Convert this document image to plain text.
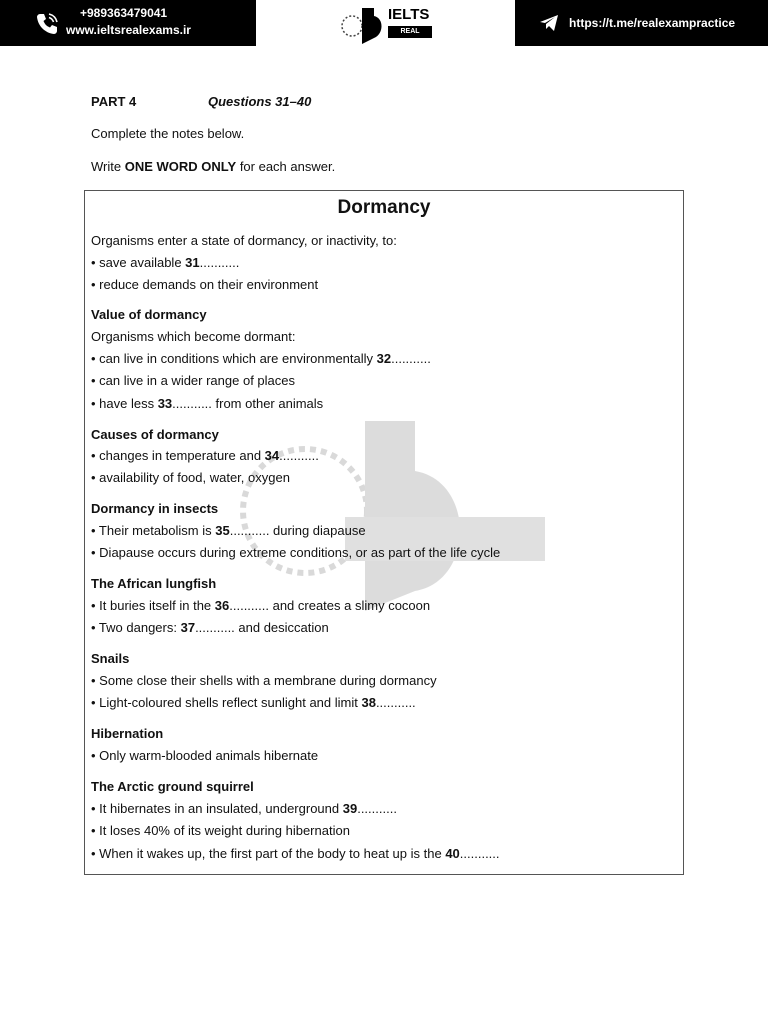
+989363479041
www.ieltsrealexams.ir
IELTS
REAL EXAMS
https://t.me/realexampractice
PART 4	Questions 31–40
Complete the notes below.
Write ONE WORD ONLY for each answer.
Dormancy
Organisms enter a state of dormancy, or inactivity, to:
• save available 31...........
• reduce demands on their environment
Value of dormancy
Organisms which become dormant:
• can live in conditions which are environmentally 32...........
• can live in a wider range of places
• have less 33........... from other animals
Causes of dormancy
• changes in temperature and 34...........
• availability of food, water, oxygen
Dormancy in insects
• Their metabolism is 35........... during diapause
• Diapause occurs during extreme conditions, or as part of the life cycle
The African lungfish
• It buries itself in the 36........... and creates a slimy cocoon
• Two dangers: 37........... and desiccation
Snails
• Some close their shells with a membrane during dormancy
• Light-coloured shells reflect sunlight and limit 38...........
Hibernation
• Only warm-blooded animals hibernate
The Arctic ground squirrel
• It hibernates in an insulated, underground 39...........
• It loses 40% of its weight during hibernation
• When it wakes up, the first part of the body to heat up is the 40...........
